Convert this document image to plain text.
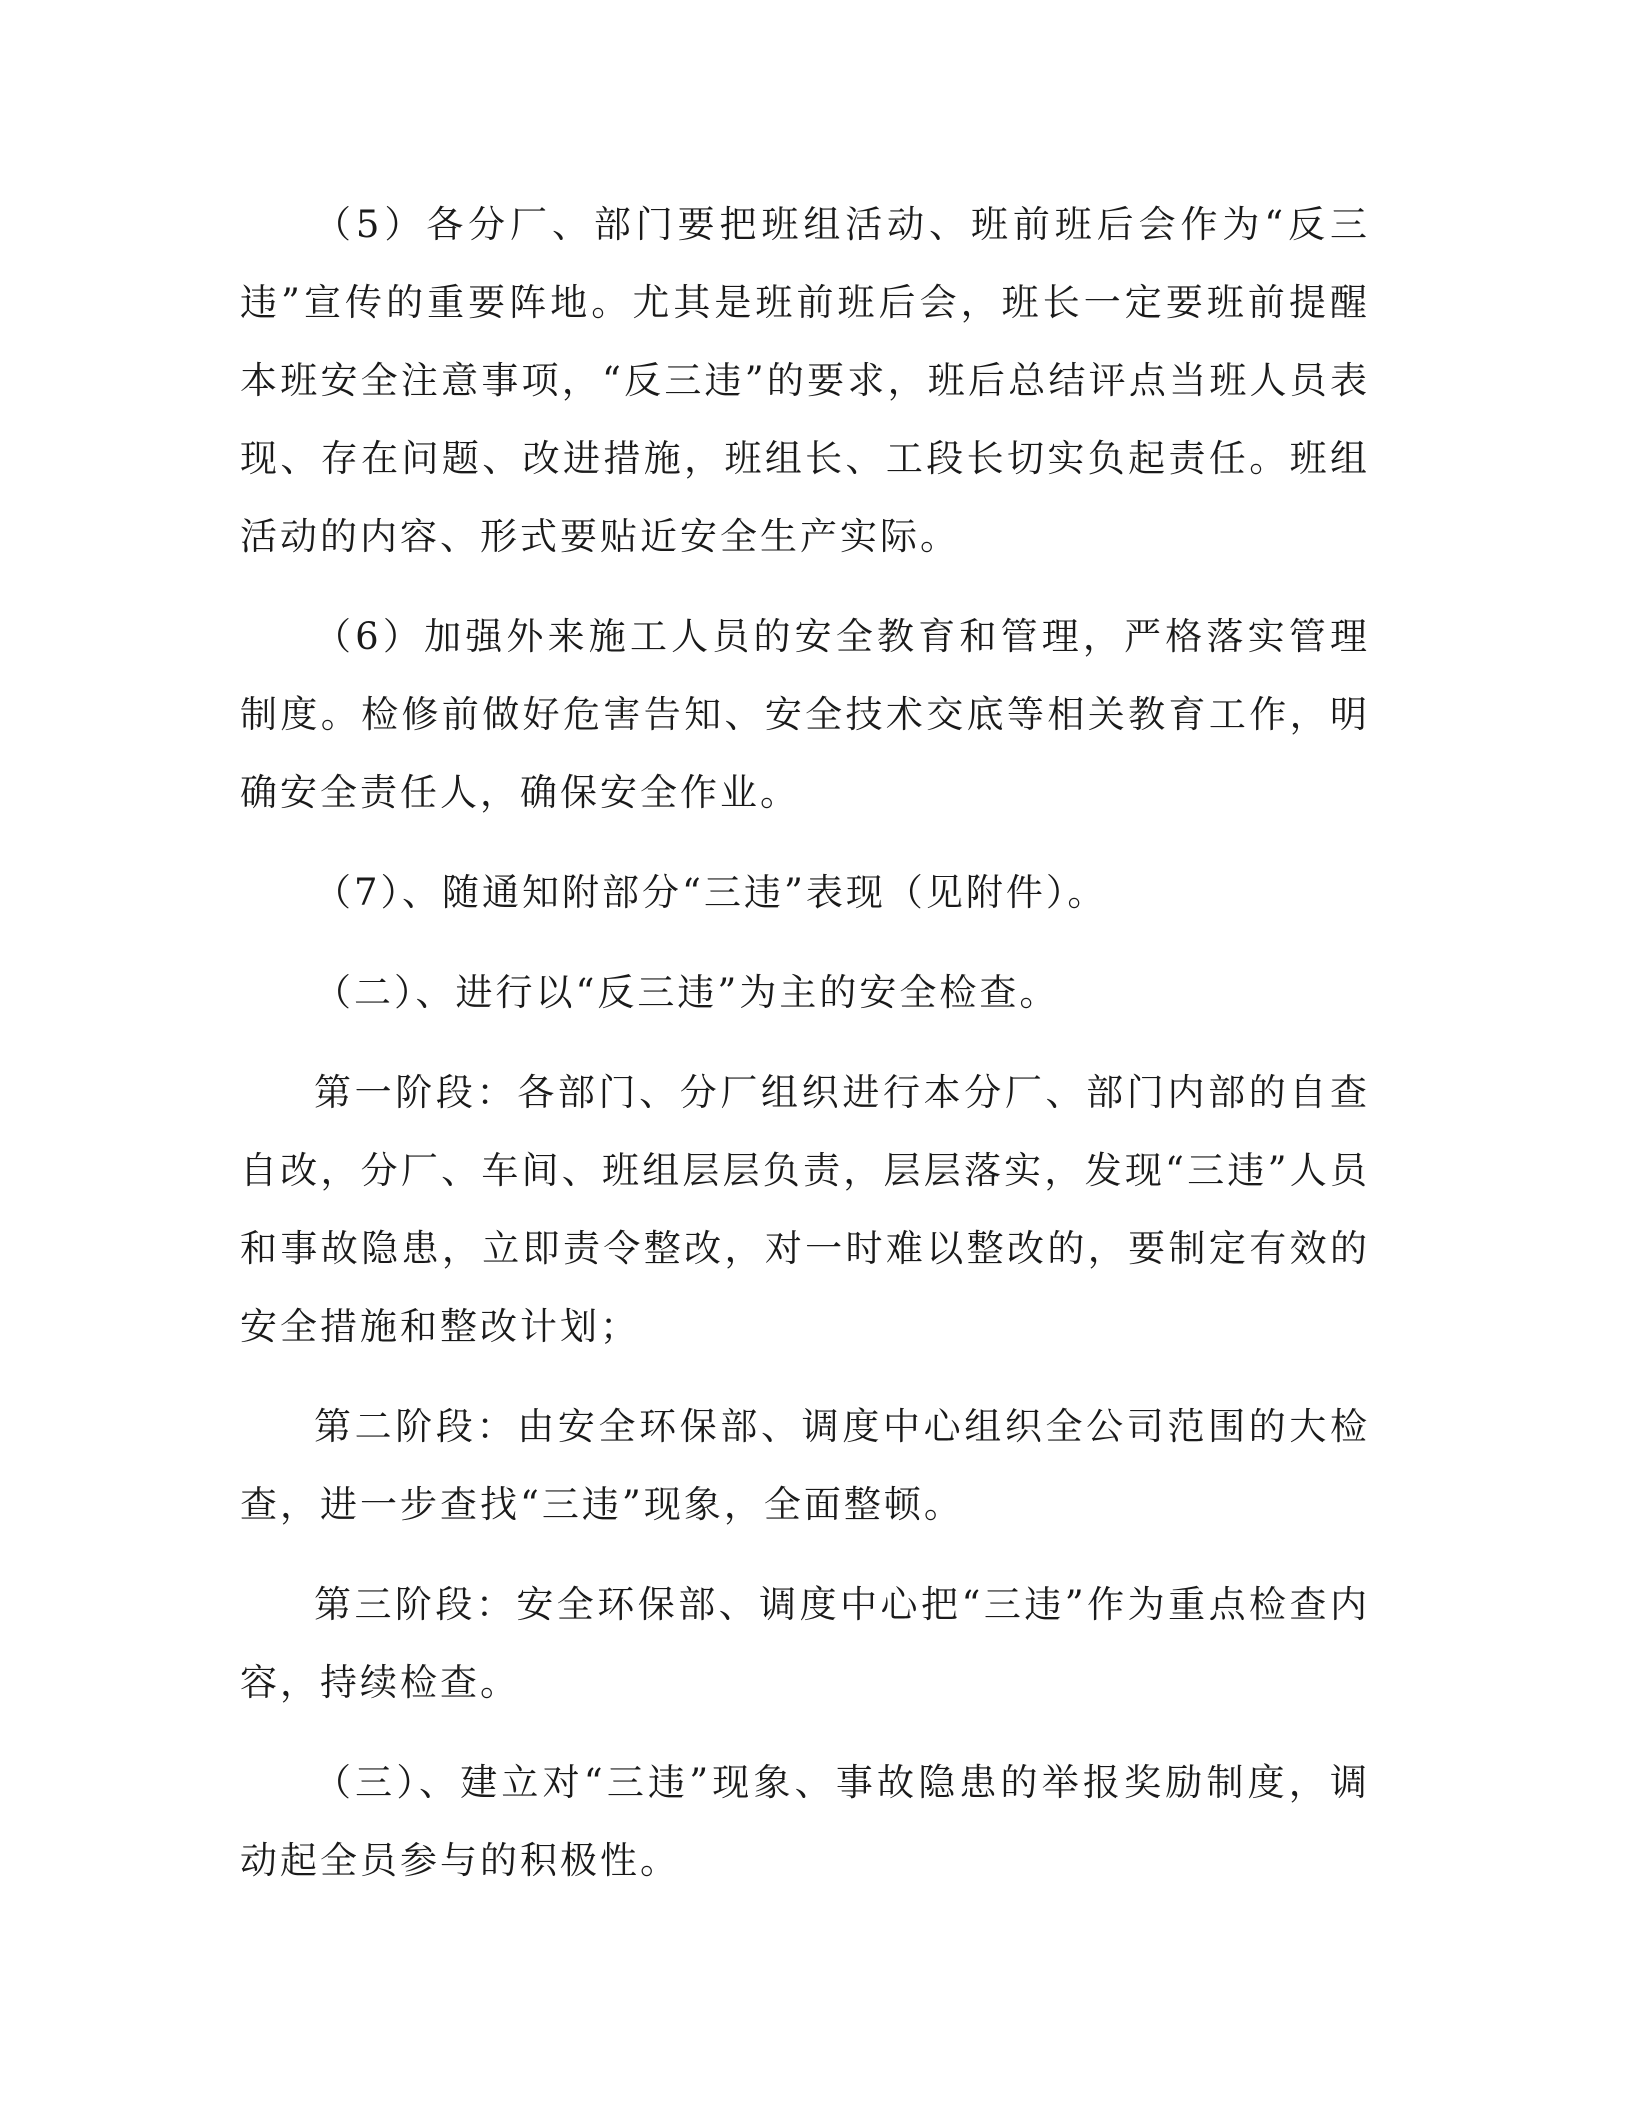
（5）各分厂、部门要把班组活动、班前班后会作为“反三违”宣传的重要阵地。尤其是班前班后会，班长一定要班前提醒本班安全注意事项，“反三违”的要求，班后总结评点当班人员表现、存在问题、改进措施，班组长、工段长切实负起责任。班组活动的内容、形式要贴近安全生产实际。

（6）加强外来施工人员的安全教育和管理，严格落实管理制度。检修前做好危害告知、安全技术交底等相关教育工作，明确安全责任人，确保安全作业。

（7）、随通知附部分“三违”表现（见附件）。

（二）、进行以“反三违”为主的安全检查。

第一阶段：各部门、分厂组织进行本分厂、部门内部的自查自改，分厂、车间、班组层层负责，层层落实，发现“三违”人员和事故隐患，立即责令整改，对一时难以整改的，要制定有效的安全措施和整改计划；

第二阶段：由安全环保部、调度中心组织全公司范围的大检查，进一步查找“三违”现象，全面整顿。

第三阶段：安全环保部、调度中心把“三违”作为重点检查内容，持续检查。

（三）、建立对“三违”现象、事故隐患的举报奖励制度，调动起全员参与的积极性。
